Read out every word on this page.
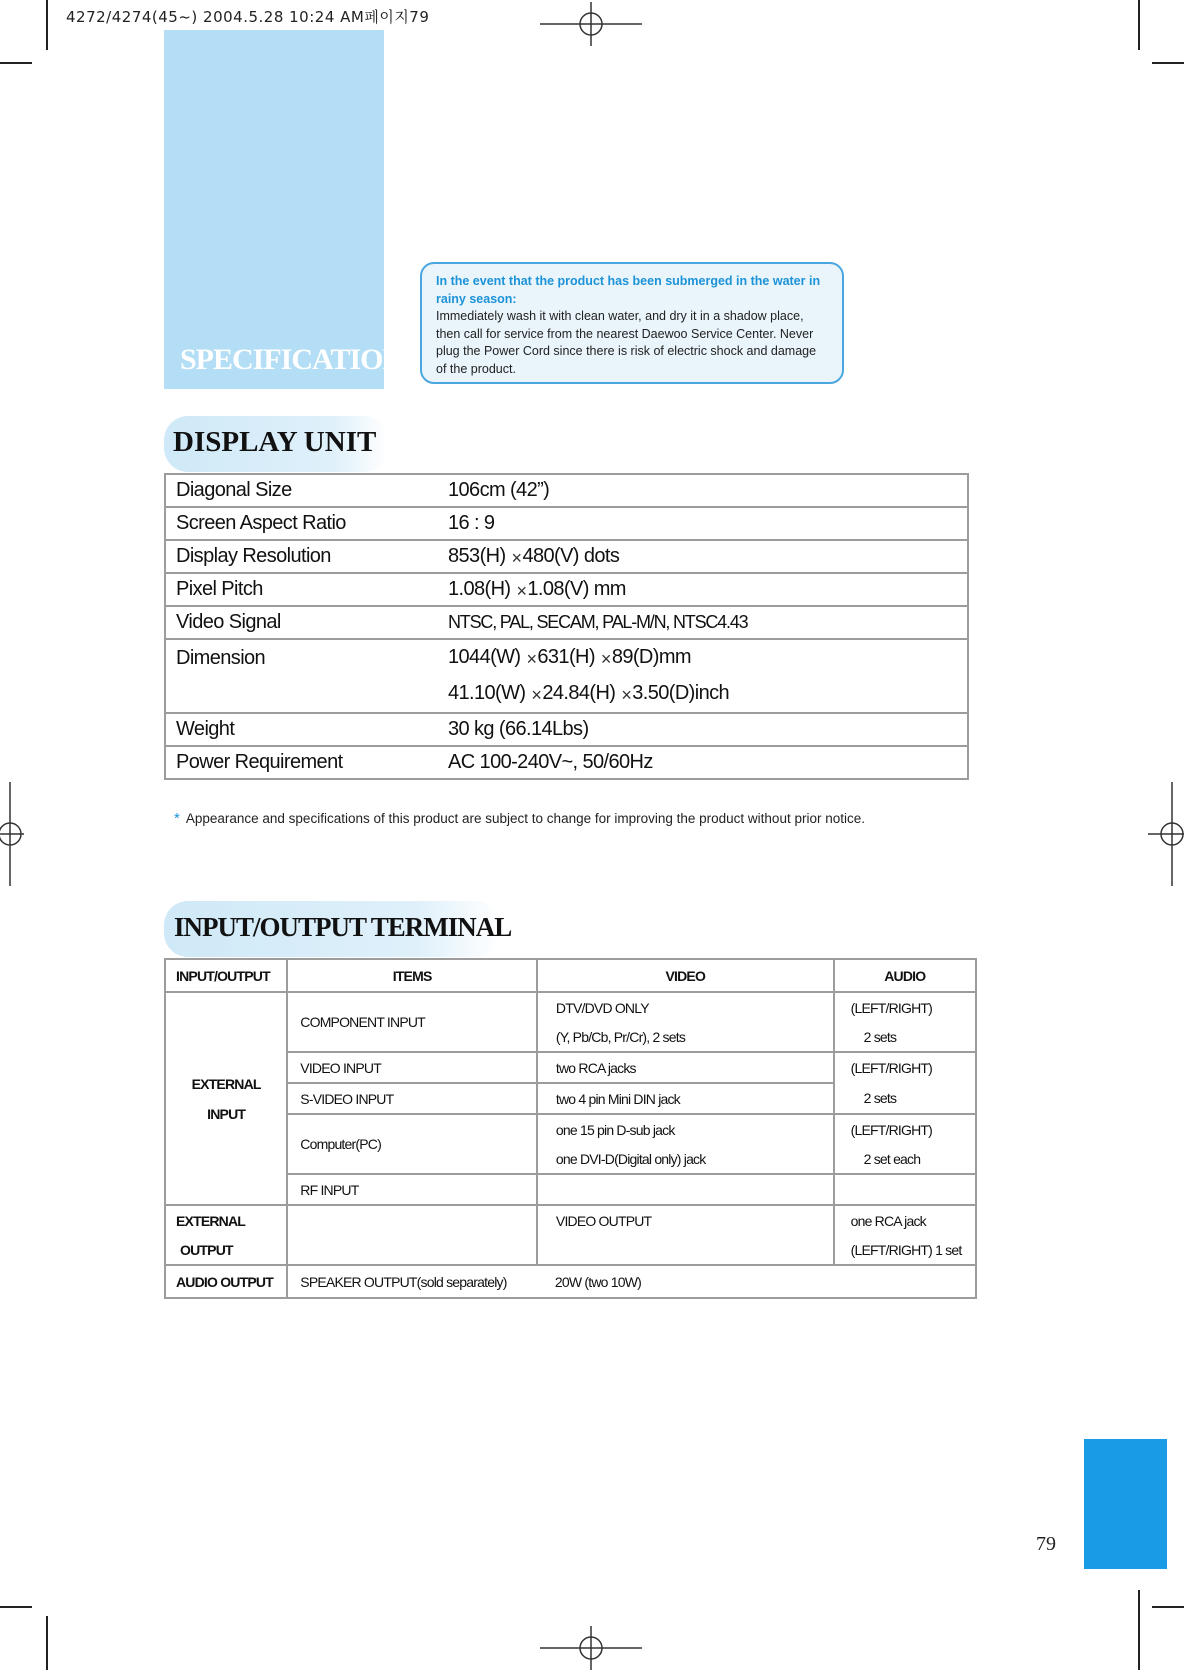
4272/4274(45~) 2004.5.28 10:24 AM페이지79
SPECIFICATIONS
In the event that the product has been submerged in the water in rainy season:
Immediately wash it with clean water, and dry it in a shadow place, then call for service from the nearest Daewoo Service Center. Never plug the Power Cord since there is risk of electric shock and damage of the product.
DISPLAY UNIT
Diagonal Size	106cm (42”)
Screen Aspect Ratio	16 : 9
Display Resolution	853(H) ×480(V) dots
Pixel Pitch	1.08(H) ×1.08(V) mm
Video Signal	NTSC, PAL, SECAM, PAL-M/N, NTSC4.43
Dimension	1044(W) ×631(H) ×89(D)mm
41.10(W) ×24.84(H) ×3.50(D)inch

Weight	30 kg (66.14Lbs)
Power Requirement	AC 100-240V~, 50/60Hz
* Appearance and specifications of this product are subject to change for improving the product without prior notice.
INPUT/OUTPUT TERMINAL
INPUT/OUTPUT	ITEMS	VIDEO	AUDIO

EXTERNAL
INPUT	COMPONENT INPUT	DTV/DVD ONLY	(LEFT/RIGHT)
		(Y, Pb/Cb, Pr/Cr), 2 sets	2 sets
	VIDEO INPUT	two RCA jacks	(LEFT/RIGHT)
	S-VIDEO INPUT	two 4 pin Mini DIN jack	2 sets
	Computer(PC)	one 15 pin D-sub jack	(LEFT/RIGHT)
		one DVI-D(Digital only) jack	2 set each
	RF INPUT		
EXTERNAL		VIDEO OUTPUT	one RCA jack
OUTPUT			(LEFT/RIGHT) 1 set
AUDIO OUTPUT	SPEAKER OUTPUT(sold separately)	20W (two 10W)	
79
